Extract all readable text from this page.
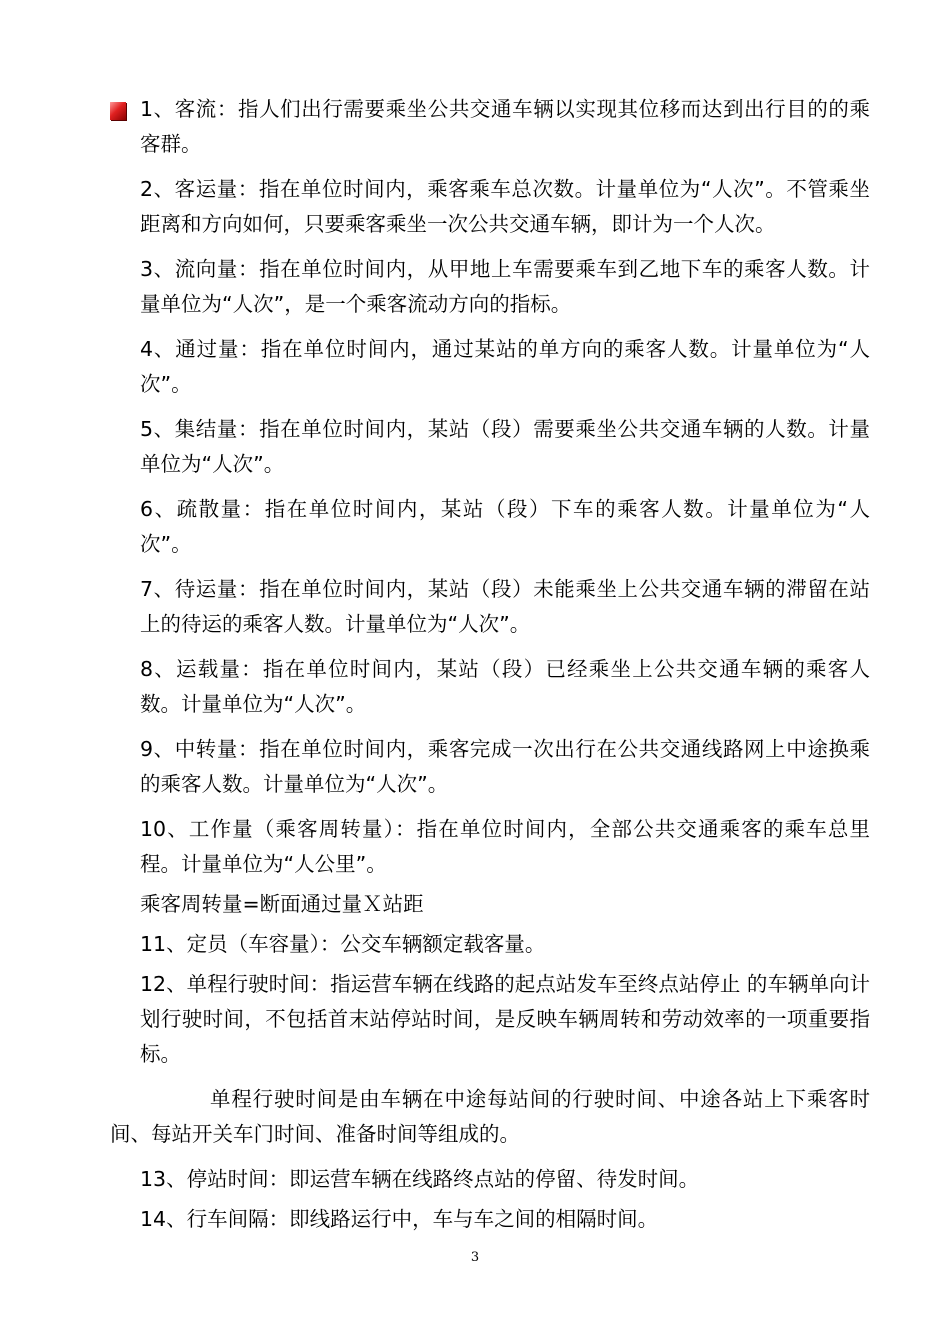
1、客流：指人们出行需要乘坐公共交通车辆以实现其位移而达到出行目的的乘客群。

2、客运量：指在单位时间内，乘客乘车总次数。计量单位为“人次”。不管乘坐距离和方向如何，只要乘客乘坐一次公共交通车辆，即计为一个人次。

3、流向量：指在单位时间内，从甲地上车需要乘车到乙地下车的乘客人数。计量单位为“人次”，是一个乘客流动方向的指标。

4、通过量：指在单位时间内，通过某站的单方向的乘客人数。计量单位为“人次”。

5、集结量：指在单位时间内，某站（段）需要乘坐公共交通车辆的人数。计量单位为“人次”。

6、疏散量：指在单位时间内，某站（段）下车的乘客人数。计量单位为“人次”。

7、待运量：指在单位时间内，某站（段）未能乘坐上公共交通车辆的滞留在站上的待运的乘客人数。计量单位为“人次”。

8、运载量：指在单位时间内，某站（段）已经乘坐上公共交通车辆的乘客人数。计量单位为“人次”。

9、中转量：指在单位时间内，乘客完成一次出行在公共交通线路网上中途换乘的乘客人数。计量单位为“人次”。

10、工作量（乘客周转量）：指在单位时间内，全部公共交通乘客的乘车总里程。计量单位为“人公里”。

乘客周转量=断面通过量Ｘ站距

11、定员（车容量）：公交车辆额定载客量。

12、单程行驶时间：指运营车辆在线路的起点站发车至终点站停止 的车辆单向计划行驶时间，不包括首末站停站时间，是反映车辆周转和劳动效率的一项重要指标。

单程行驶时间是由车辆在中途每站间的行驶时间、中途各站上下乘客时间、每站开关车门时间、准备时间等组成的。

13、停站时间：即运营车辆在线路终点站的停留、待发时间。

14、行车间隔：即线路运行中，车与车之间的相隔时间。

3
